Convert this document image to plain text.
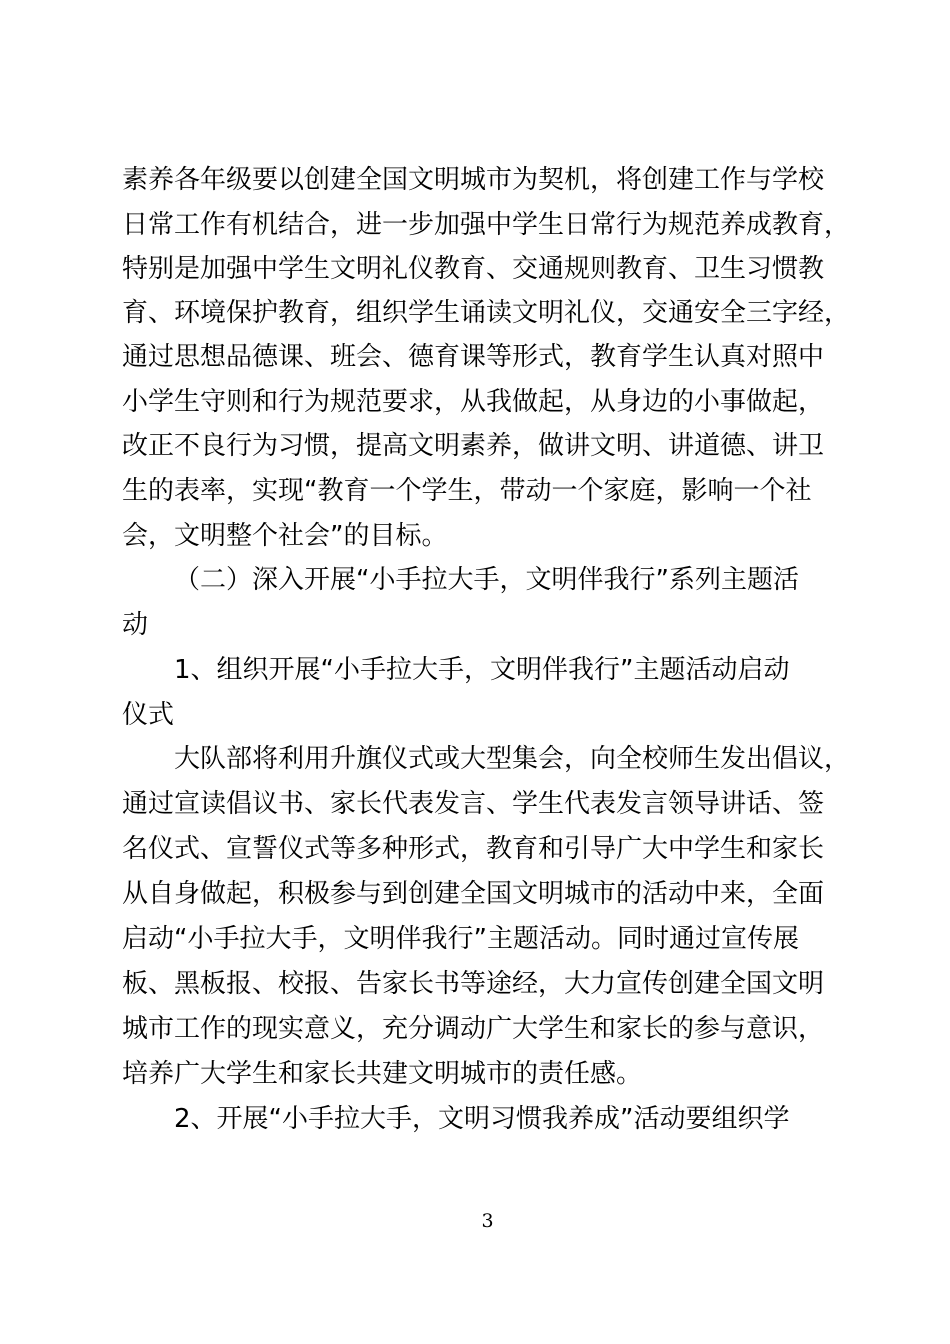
素养各年级要以创建全国文明城市为契机，将创建工作与学校
日常工作有机结合，进一步加强中学生日常行为规范养成教育，
特别是加强中学生文明礼仪教育、交通规则教育、卫生习惯教
育、环境保护教育，组织学生诵读文明礼仪，交通安全三字经，
通过思想品德课、班会、德育课等形式，教育学生认真对照中
小学生守则和行为规范要求，从我做起，从身边的小事做起，
改正不良行为习惯，提高文明素养，做讲文明、讲道德、讲卫
生的表率，实现“教育一个学生，带动一个家庭，影响一个社
会，文明整个社会”的目标。
（二）深入开展“小手拉大手，文明伴我行”系列主题活
动
1、组织开展“小手拉大手，文明伴我行”主题活动启动
仪式
大队部将利用升旗仪式或大型集会，向全校师生发出倡议，
通过宣读倡议书、家长代表发言、学生代表发言领导讲话、签
名仪式、宣誓仪式等多种形式，教育和引导广大中学生和家长
从自身做起，积极参与到创建全国文明城市的活动中来，全面
启动“小手拉大手，文明伴我行”主题活动。同时通过宣传展
板、黑板报、校报、告家长书等途经，大力宣传创建全国文明
城市工作的现实意义，充分调动广大学生和家长的参与意识，
培养广大学生和家长共建文明城市的责任感。
2、开展“小手拉大手，文明习惯我养成”活动要组织学
3
